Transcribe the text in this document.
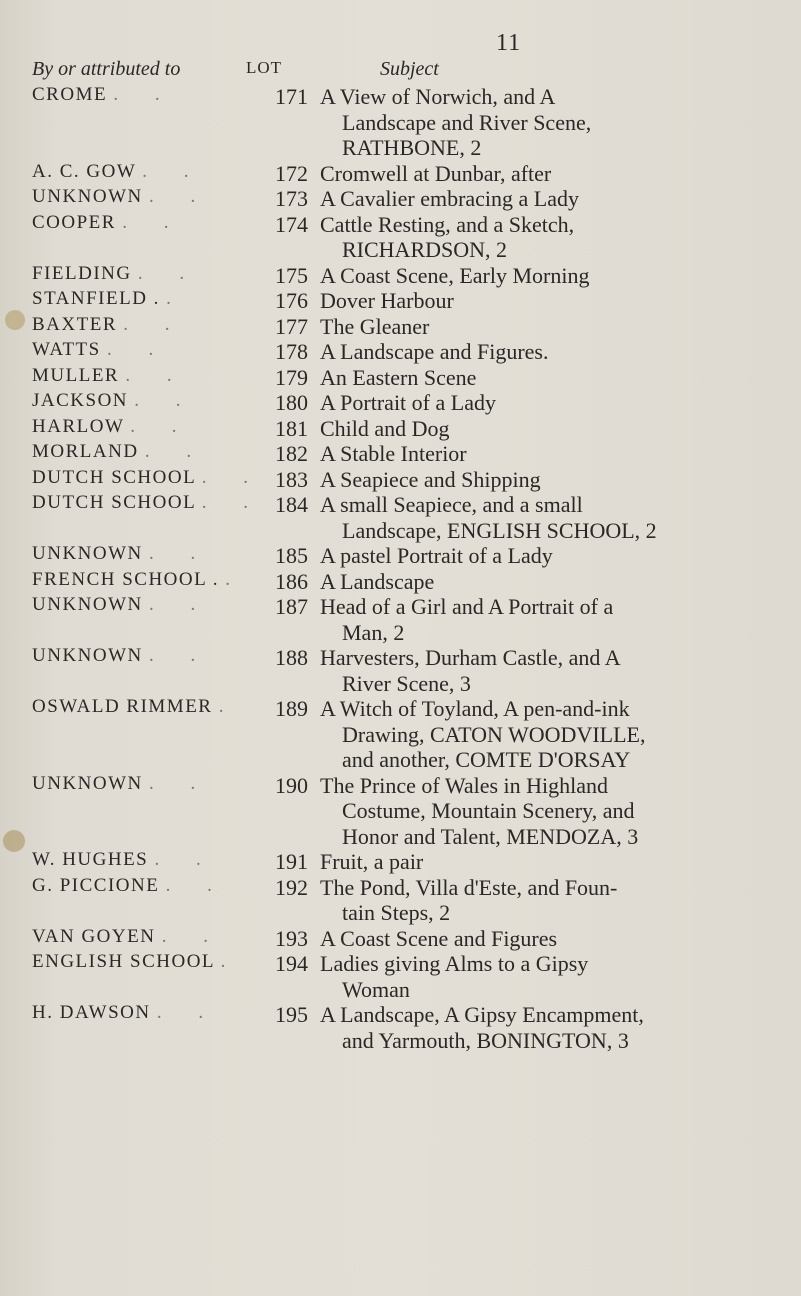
11
By or attributed to	LOT	Subject
CROME . .	171 A View of Norwich, and A
Landscape and River Scene,
RATHBONE, 2
A. C. GOW . .	172 Cromwell at Dunbar, after
UNKNOWN . .	173 A Cavalier embracing a Lady
COOPER . .	174 Cattle Resting, and a Sketch,
RICHARDSON, 2
FIELDING . .	175 A Coast Scene, Early Morning
STANFIELD . .	176 Dover Harbour
BAXTER . .	177 The Gleaner
WATTS . .	178 A Landscape and Figures.
MULLER . .	179 An Eastern Scene
JACKSON . .	180 A Portrait of a Lady
HARLOW . .	181 Child and Dog
MORLAND . .	182 A Stable Interior
DUTCH SCHOOL . . 183 A Seapiece and Shipping
DUTCH SCHOOL . . 184 A small Seapiece, and a small
Landscape, ENGLISH SCHOOL, 2
UNKNOWN . .	185 A pastel Portrait of a Lady
FRENCH SCHOOL . . 186 A Landscape
UNKNOWN . .	187 Head of a Girl and A Portrait of a
Man, 2
UNKNOWN . .	188 Harvesters, Durham Castle, and A
River Scene, 3
OSWALD RIMMER . 189 A Witch of Toyland, A pen-and-ink
Drawing, CATON WOODVILLE,
and another, COMTE D'ORSAY
UNKNOWN . .	190 The Prince of Wales in Highland
Costume, Mountain Scenery, and
Honor and Talent, MENDOZA, 3
W. HUGHES . .	191 Fruit, a pair
G. PICCIONE . . 192 The Pond, Villa d'Este, and Foun-
tain Steps, 2
VAN GOYEN . . 193 A Coast Scene and Figures
ENGLISH SCHOOL . 194 Ladies giving Alms to a Gipsy
Woman
H. DAWSON . .	195 A Landscape, A Gipsy Encampment,
and Yarmouth, BONINGTON, 3
